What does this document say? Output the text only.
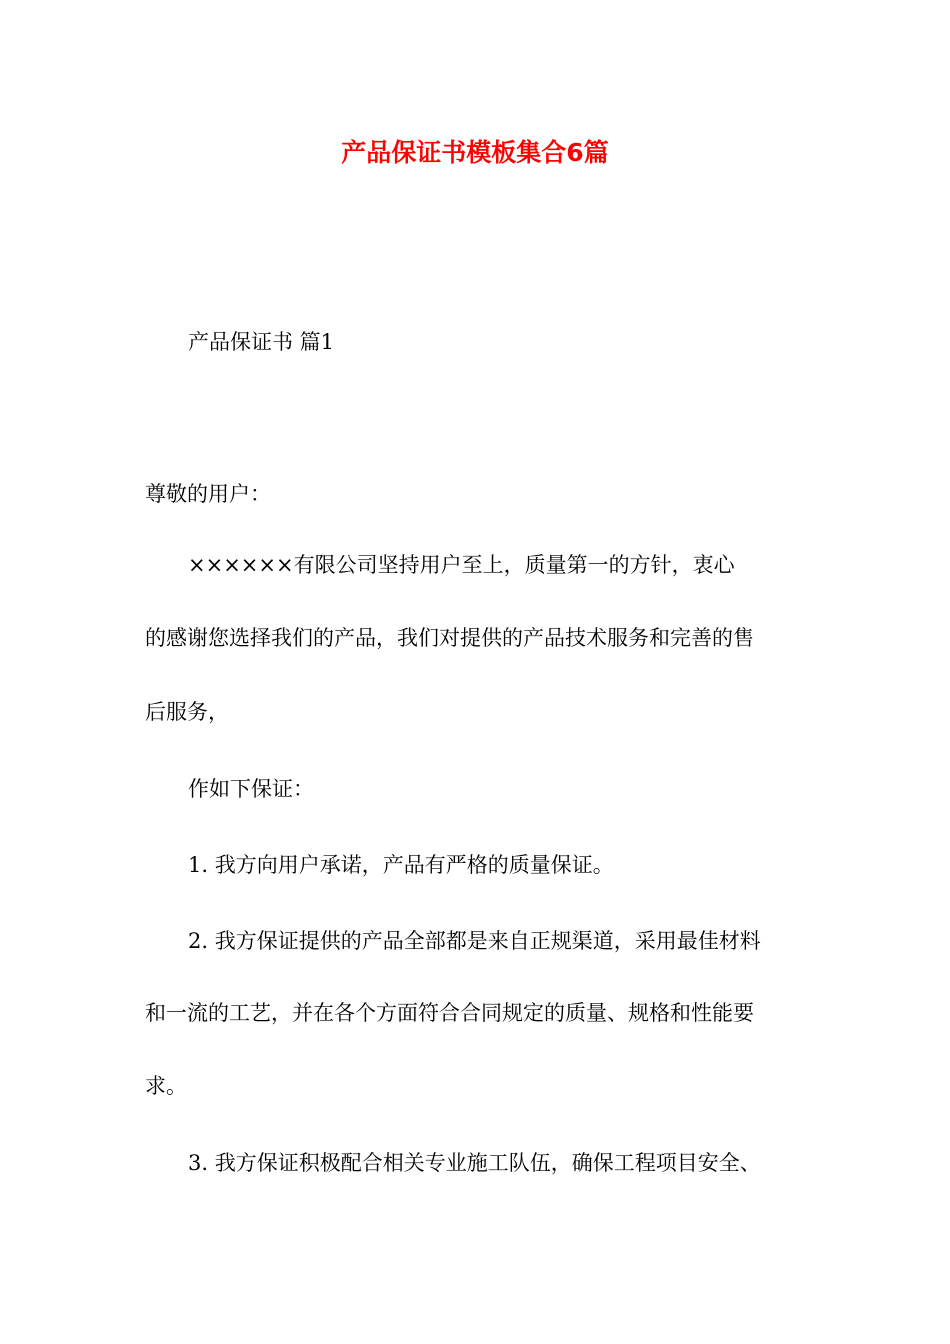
产品保证书模板集合6篇
产品保证书 篇1
尊敬的用户：
××××××有限公司坚持用户至上，质量第一的方针，衷心
的感谢您选择我们的产品，我们对提供的产品技术服务和完善的售
后服务，
作如下保证：
1. 我方向用户承诺，产品有严格的质量保证。
2. 我方保证提供的产品全部都是来自正规渠道，采用最佳材料
和一流的工艺，并在各个方面符合合同规定的质量、规格和性能要
求。
3. 我方保证积极配合相关专业施工队伍，确保工程项目安全、
